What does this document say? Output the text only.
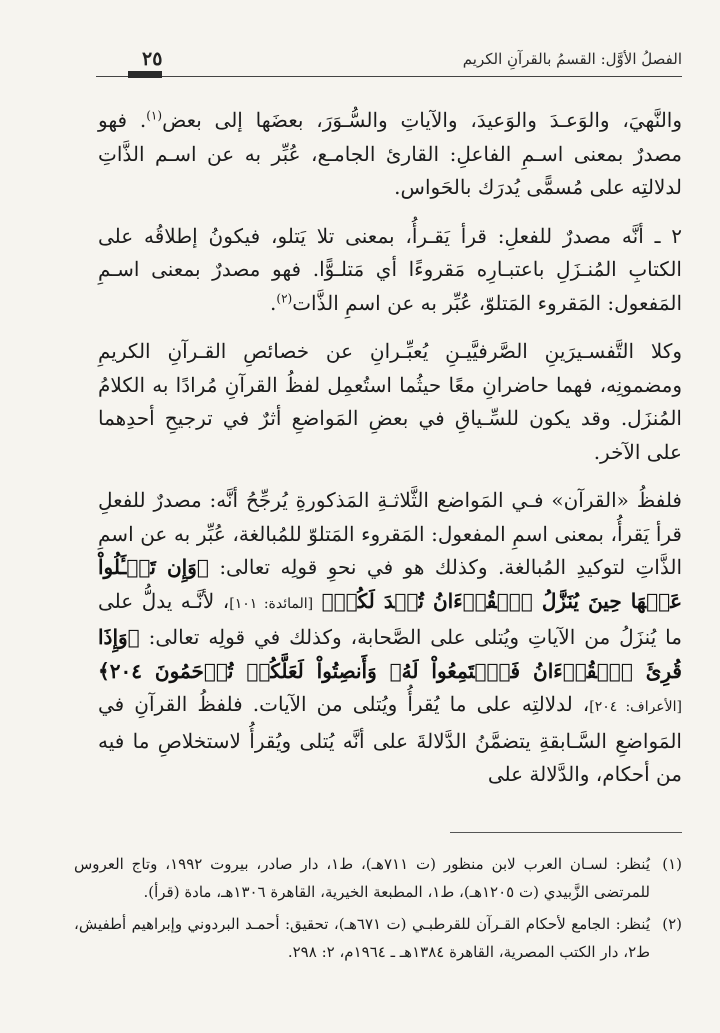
الفصلُ الأوَّل: القسمُ بالقرآنِ الكريم
٢٥

والنَّهيَ، والوَعـدَ والوَعيدَ، والآياتِ والسُّـوَرَ، بعضَها إلى بعض$^{(١)}$. فهو مصدرٌ بمعنى اسـمِ الفاعلِ: القارئ الجامـع، عُبِّر به عن اسـم الذَّاتِ لدلالتِه على مُسمًّى يُدرَك بالحَواس.

٢ ـ أنَّه مصدرٌ للفعلِ: قرأ يَقـرأُ، بمعنى تلا يَتلو، فيكونُ إطلاقُه على الكتابِ المُنـزَلِ باعتبـارِه مَقروءًا أي مَتلـوًّا. فهو مصدرٌ بمعنى اسـمِ المَفعول: المَقروء المَتلوّ، عُبِّر به عن اسمِ الذَّات$^{(٢)}$.

وكلا التَّفسـيرَينِ الصَّرفيَّيـنِ يُعبِّـرانِ عن خصائصِ القـرآنِ الكريمِ ومضمونِه، فهما حاضرانِ معًا حيثُما استُعمِل لفظُ القرآنِ مُرادًا به الكلامُ المُنزَل. وقد يكون للسِّـياقِ في بعضِ المَواضعِ أثرٌ في ترجيحِ أحدِهما على الآخر.

فلفظُ «القرآن» فـي المَواضع الثَّلاثـةِ المَذكورةِ يُرجِّحُ أنَّه: مصدرٌ للفعلِ قرأ يَقرأُ، بمعنى اسمِ المفعول: المَقروء المَتلوّ للمُبالغة، عُبِّر به عن اسمِ الذَّاتِ لتوكيدِ المُبالغة. وكذلك هو في نحوِ قولِه تعالى: ﴿وَإِن تَسۡـَٔلُواْ عَنۡهَا حِينَ يُنَزَّلُ ٱلۡقُرۡءَانُ تُبۡدَ لَكُمۡ﴾ [المائدة: ١٠١]، لأنَّـه يدلُّ على ما يُنزَلُ من الآياتِ ويُتلى على الصَّحابة، وكذلك في قولِه تعالى: ﴿وَإِذَا قُرِئَ ٱلۡقُرۡءَانُ فَٱسۡتَمِعُواْ لَهُۥ وَأَنصِتُواْ لَعَلَّكُمۡ تُرۡحَمُونَ ٢٠٤﴾ [الأعراف: ٢٠٤]، لدلالتِه على ما يُقرأُ ويُتلى من الآيات. فلفظُ القرآنِ في المَواضعِ السَّـابقةِ يتضمَّنُ الدَّلالةَ على أنَّه يُتلى ويُقرأُ لاستخلاصِ ما فيه من أحكام، والدَّلالة على

(١)
يُنظر: لسـان العرب لابن منظور (ت ٧١١هـ)، ط١، دار صادر، بيروت ١٩٩٢، وتاج العروس للمرتضى الزَّبيدي (ت ١٢٠٥هـ)، ط١، المطبعة الخيرية، القاهرة ١٣٠٦هـ، مادة (قرأ).
(٢)
يُنظر: الجامع لأحكام القـرآن للقرطبـي (ت ٦٧١هـ)، تحقيق: أحمـد البردوني وإبراهيم أطفيش، ط٢، دار الكتب المصرية، القاهرة ١٣٨٤هـ ـ ١٩٦٤م، ٢: ٢٩٨.
